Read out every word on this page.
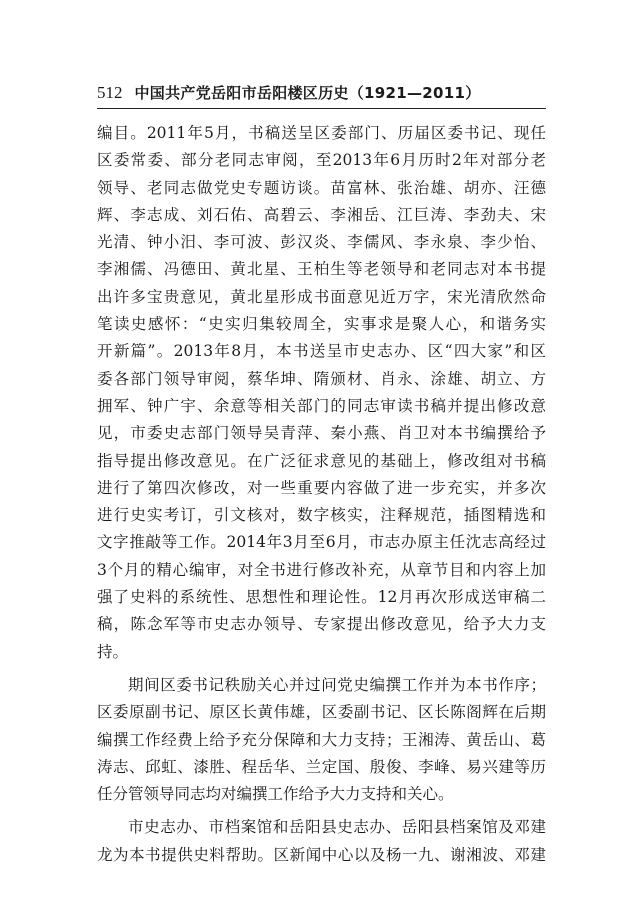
512 中国共产党岳阳市岳阳楼区历史（1921—2011）
编目。2011年5月，书稿送呈区委部门、历届区委书记、现任
区委常委、部分老同志审阅，至2013年6月历时2年对部分老
领导、老同志做党史专题访谈。苗富林、张治雄、胡亦、汪德
辉、李志成、刘石佑、高碧云、李湘岳、江巨涛、李劲夫、宋
光清、钟小汨、李可波、彭汉炎、李儒风、李永泉、李少怡、
李湘儒、冯德田、黄北星、王柏生等老领导和老同志对本书提
出许多宝贵意见，黄北星形成书面意见近万字，宋光清欣然命
笔读史感怀：“史实归集较周全，实事求是聚人心，和谐务实
开新篇”。2013年8月，本书送呈市史志办、区“四大家”和区
委各部门领导审阅，蔡华坤、隋颁材、肖永、涂雄、胡立、方
拥军、钟广宇、余意等相关部门的同志审读书稿并提出修改意
见，市委史志部门领导吴青萍、秦小燕、肖卫对本书编撰给予
指导提出修改意见。在广泛征求意见的基础上，修改组对书稿
进行了第四次修改，对一些重要内容做了进一步充实，并多次
进行史实考订，引文核对，数字核实，注释规范，插图精选和
文字推敲等工作。2014年3月至6月，市志办原主任沈志高经过
3个月的精心编审，对全书进行修改补充，从章节目和内容上加
强了史料的系统性、思想性和理论性。12月再次形成送审稿二
稿，陈念军等市史志办领导、专家提出修改意见，给予大力支
持。
期间区委书记秩励关心并过问党史编撰工作并为本书作序；
区委原副书记、原区长黄伟雄，区委副书记、区长陈阁辉在后期
编撰工作经费上给予充分保障和大力支持；王湘涛、黄岳山、葛
涛志、邱虹、漆胜、程岳华、兰定国、殷俊、李峰、易兴建等历
任分管领导同志均对编撰工作给予大力支持和关心。
市史志办、市档案馆和岳阳县史志办、岳阳县档案馆及邓建
龙为本书提供史料帮助。区新闻中心以及杨一九、谢湘波、邓建
